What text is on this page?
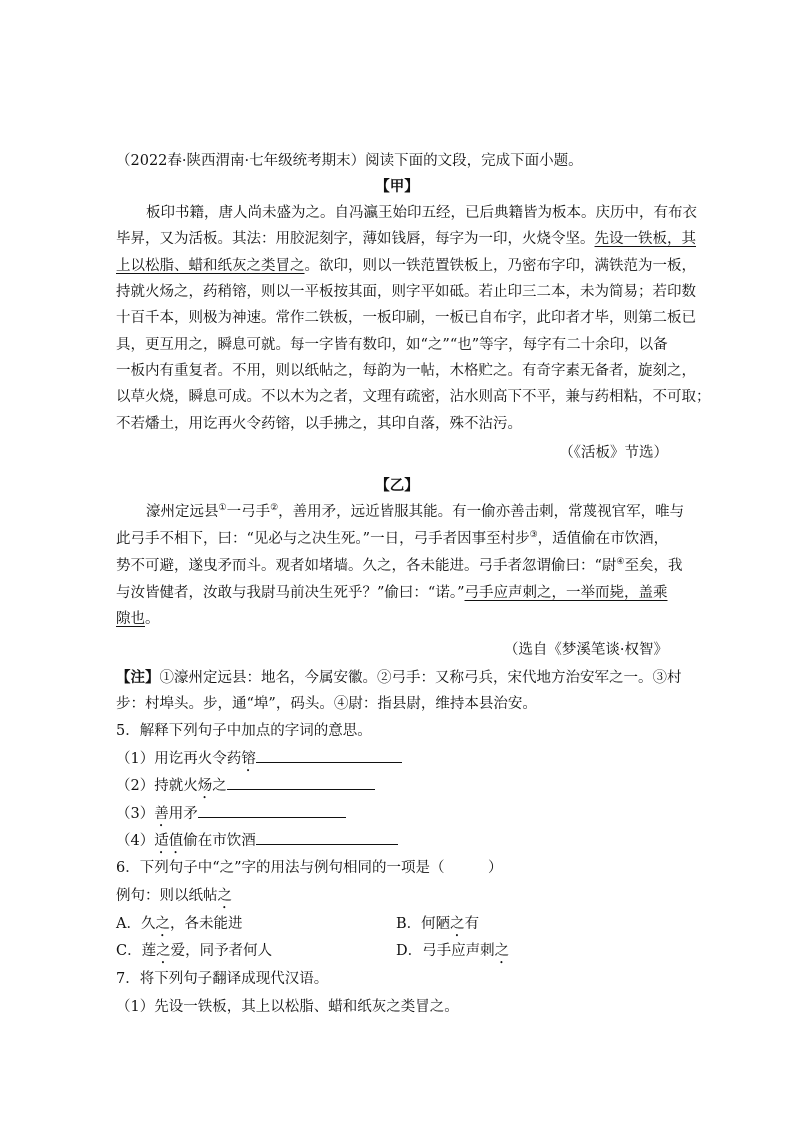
（2022春·陕西渭南·七年级统考期末）阅读下面的文段，完成下面小题。
【甲】
板印书籍，唐人尚未盛为之。自冯瀛王始印五经，已后典籍皆为板本。庆历中，有布衣
毕昇，又为活板。其法：用胶泥刻字，薄如钱唇，每字为一印，火烧令坚。先设一铁板，其
上以松脂、蜡和纸灰之类冒之。欲印，则以一铁范置铁板上，乃密布字印，满铁范为一板，
持就火炀之，药稍镕，则以一平板按其面，则字平如砥。若止印三二本，未为简易；若印数
十百千本，则极为神速。常作二铁板，一板印刷，一板已自布字，此印者才毕，则第二板已
具，更互用之，瞬息可就。每一字皆有数印，如“之”“也”等字，每字有二十余印，以备
一板内有重复者。不用，则以纸帖之，每韵为一帖，木格贮之。有奇字素无备者，旋刻之，
以草火烧，瞬息可成。不以木为之者，文理有疏密，沾水则高下不平，兼与药相粘，不可取；
不若燔土，用讫再火令药镕，以手拂之，其印自落，殊不沾污。
（《活板》节选）
【乙】
濠州定远县①一弓手②，善用矛，远近皆服其能。有一偷亦善击刺，常蔑视官军，唯与
此弓手不相下，曰：“见必与之决生死。”一日，弓手者因事至村步③，适值偷在市饮酒，
势不可避，遂曳矛而斗。观者如堵墙。久之，各未能进。弓手者忽谓偷曰：“尉④至矣，我
与汝皆健者，汝敢与我尉马前决生死乎？”偷曰：“诺。”弓手应声刺之，一举而毙，盖乘
隙也。
（选自《梦溪笔谈·权智》
【注】①濠州定远县：地名，今属安徽。②弓手：又称弓兵，宋代地方治安军之一。③村
步：村埠头。步，通“埠”，码头。④尉：指县尉，维持本县治安。
5．解释下列句子中加点的字词的意思。
（1）用讫再火令药镕
（2）持就火炀之
（3）善用矛
（4）适值偷在市饮酒
6．下列句子中“之”字的用法与例句相同的一项是（　　　）
例句：则以纸帖之
A．久之，各未能进	B．何陋之有
C．莲之爱，同予者何人	D．弓手应声刺之
7．将下列句子翻译成现代汉语。
（1）先设一铁板，其上以松脂、蜡和纸灰之类冒之。
